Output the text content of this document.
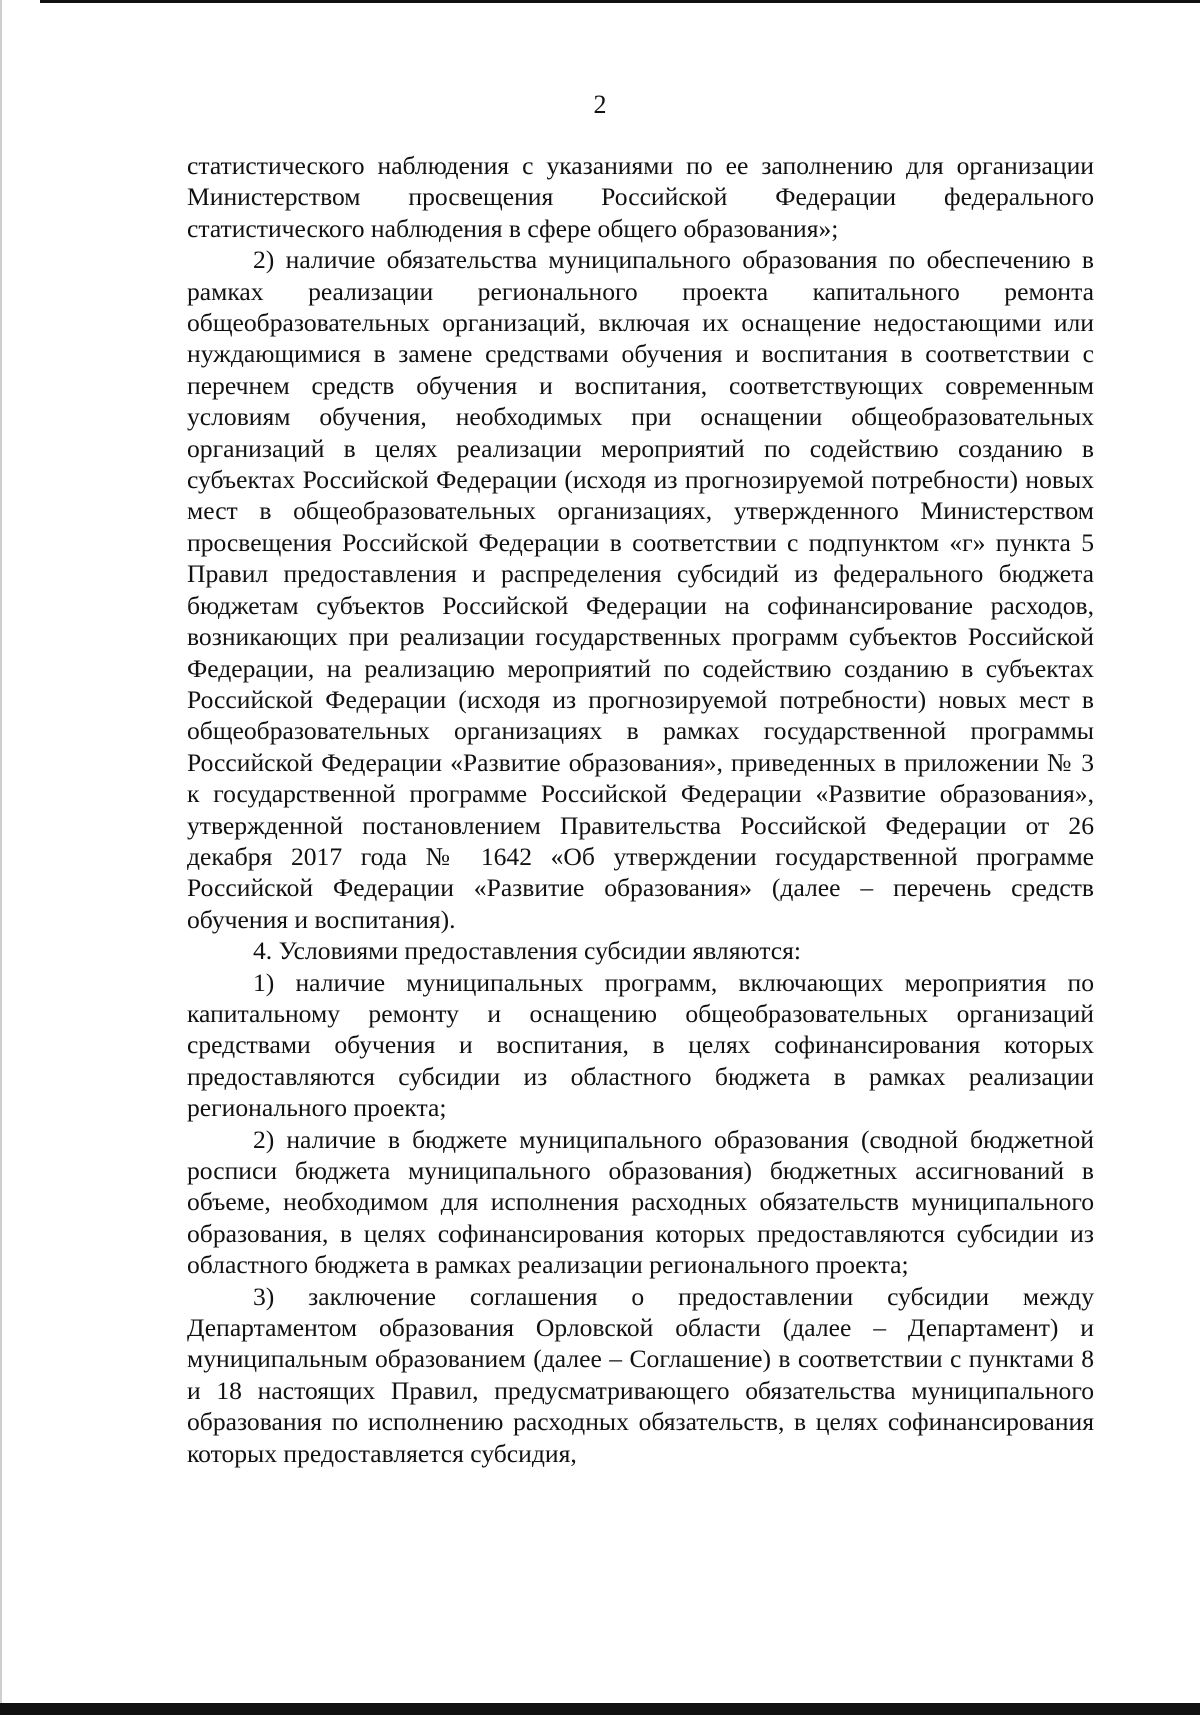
2

статистического наблюдения с указаниями по ее заполнению для организации Министерством просвещения Российской Федерации федерального статистического наблюдения в сфере общего образования»;

2) наличие обязательства муниципального образования по обеспечению в рамках реализации регионального проекта капитального ремонта общеобразовательных организаций, включая их оснащение недостающими или нуждающимися в замене средствами обучения и воспитания в соответствии с перечнем средств обучения и воспитания, соответствующих современным условиям обучения, необходимых при оснащении общеобразовательных организаций в целях реализации мероприятий по содействию созданию в субъектах Российской Федерации (исходя из прогнозируемой потребности) новых мест в общеобразовательных организациях, утвержденного Министерством просвещения Российской Федерации в соответствии с подпунктом «г» пункта 5 Правил предоставления и распределения субсидий из федерального бюджета бюджетам субъектов Российской Федерации на софинансирование расходов, возникающих при реализации государственных программ субъектов Российской Федерации, на реализацию мероприятий по содействию созданию в субъектах Российской Федерации (исходя из прогнозируемой потребности) новых мест в общеобразовательных организациях в рамках государственной программы Российской Федерации «Развитие образования», приведенных в приложении № 3 к государственной программе Российской Федерации «Развитие образования», утвержденной постановлением Правительства Российской Федерации от 26 декабря 2017 года № 1642 «Об утверждении государственной программе Российской Федерации «Развитие образования» (далее – перечень средств обучения и воспитания).

4. Условиями предоставления субсидии являются:

1) наличие муниципальных программ, включающих мероприятия по капитальному ремонту и оснащению общеобразовательных организаций средствами обучения и воспитания, в целях софинансирования которых предоставляются субсидии из областного бюджета в рамках реализации регионального проекта;

2) наличие в бюджете муниципального образования (сводной бюджетной росписи бюджета муниципального образования) бюджетных ассигнований в объеме, необходимом для исполнения расходных обязательств муниципального образования, в целях софинансирования которых предоставляются субсидии из областного бюджета в рамках реализации регионального проекта;

3) заключение соглашения о предоставлении субсидии между Департаментом образования Орловской области (далее – Департамент) и муниципальным образованием (далее – Соглашение) в соответствии с пунктами 8 и 18 настоящих Правил, предусматривающего обязательства муниципального образования по исполнению расходных обязательств, в целях софинансирования которых предоставляется субсидия,
